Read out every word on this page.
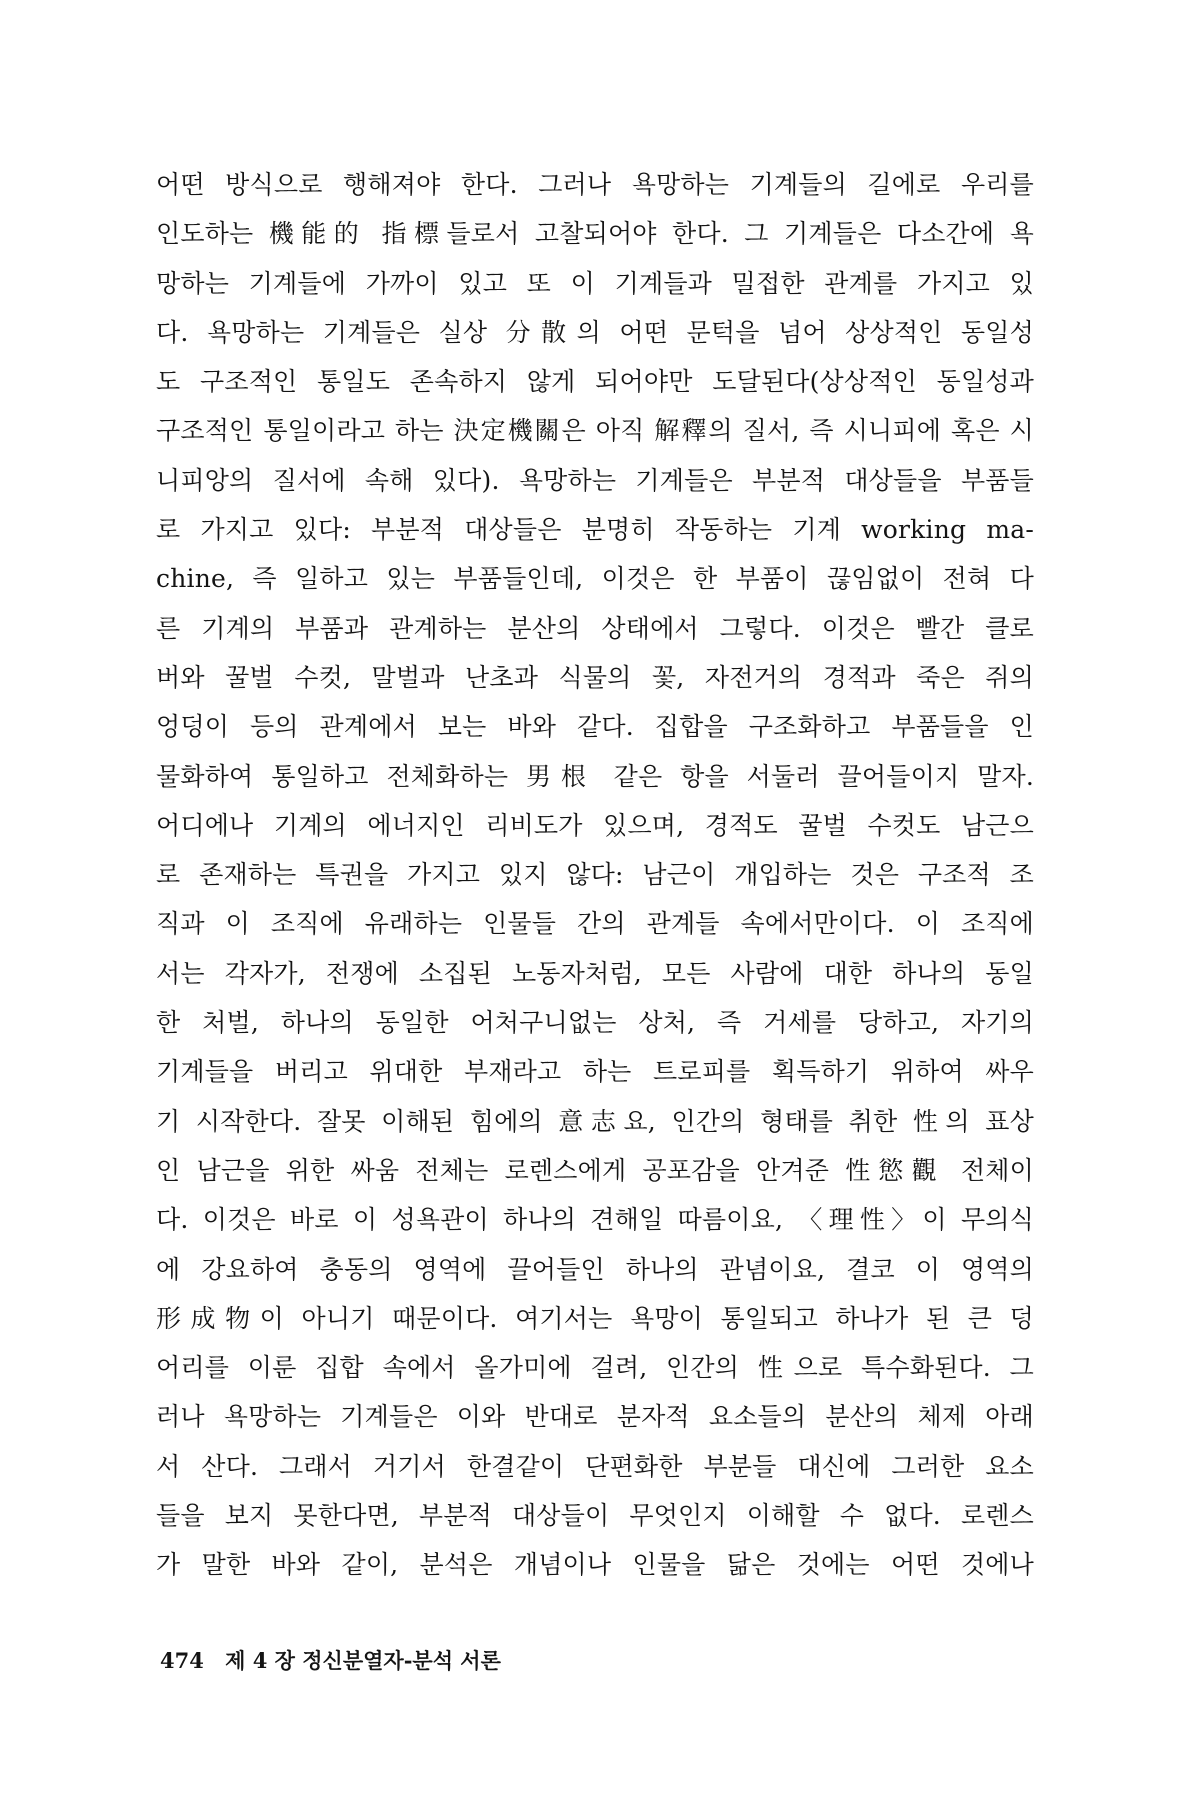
어떤 방식으로 행해져야 한다. 그러나 욕망하는 기계들의 길에로 우리를
인도하는 機能的 指標들로서 고찰되어야 한다. 그 기계들은 다소간에 욕
망하는 기계들에 가까이 있고 또 이 기계들과 밀접한 관계를 가지고 있
다. 욕망하는 기계들은 실상 分散의 어떤 문턱을 넘어 상상적인 동일성
도 구조적인 통일도 존속하지 않게 되어야만 도달된다(상상적인 동일성과
구조적인 통일이라고 하는 決定機關은 아직 解釋의 질서, 즉 시니피에 혹은 시
니피앙의 질서에 속해 있다). 욕망하는 기계들은 부분적 대상들을 부품들
로 가지고 있다: 부분적 대상들은 분명히 작동하는 기계 working ma-
chine, 즉 일하고 있는 부품들인데, 이것은 한 부품이 끊임없이 전혀 다
른 기계의 부품과 관계하는 분산의 상태에서 그렇다. 이것은 빨간 클로
버와 꿀벌 수컷, 말벌과 난초과 식물의 꽃, 자전거의 경적과 죽은 쥐의
엉덩이 등의 관계에서 보는 바와 같다. 집합을 구조화하고 부품들을 인
물화하여 통일하고 전체화하는 男根 같은 항을 서둘러 끌어들이지 말자.
어디에나 기계의 에너지인 리비도가 있으며, 경적도 꿀벌 수컷도 남근으
로 존재하는 특권을 가지고 있지 않다: 남근이 개입하는 것은 구조적 조
직과 이 조직에 유래하는 인물들 간의 관계들 속에서만이다. 이 조직에
서는 각자가, 전쟁에 소집된 노동자처럼, 모든 사람에 대한 하나의 동일
한 처벌, 하나의 동일한 어처구니없는 상처, 즉 거세를 당하고, 자기의
기계들을 버리고 위대한 부재라고 하는 트로피를 획득하기 위하여 싸우
기 시작한다. 잘못 이해된 힘에의 意志요, 인간의 형태를 취한 性의 표상
인 남근을 위한 싸움 전체는 로렌스에게 공포감을 안겨준 性慾觀 전체이
다. 이것은 바로 이 성욕관이 하나의 견해일 따름이요, 〈理性〉이 무의식
에 강요하여 충동의 영역에 끌어들인 하나의 관념이요, 결코 이 영역의
形成物이 아니기 때문이다. 여기서는 욕망이 통일되고 하나가 된 큰 덩
어리를 이룬 집합 속에서 올가미에 걸려, 인간의 性으로 특수화된다. 그
러나 욕망하는 기계들은 이와 반대로 분자적 요소들의 분산의 체제 아래
서 산다. 그래서 거기서 한결같이 단편화한 부분들 대신에 그러한 요소
들을 보지 못한다면, 부분적 대상들이 무엇인지 이해할 수 없다. 로렌스
가 말한 바와 같이, 분석은 개념이나 인물을 닮은 것에는 어떤 것에나
474 제 4 장 정신분열자-분석 서론
